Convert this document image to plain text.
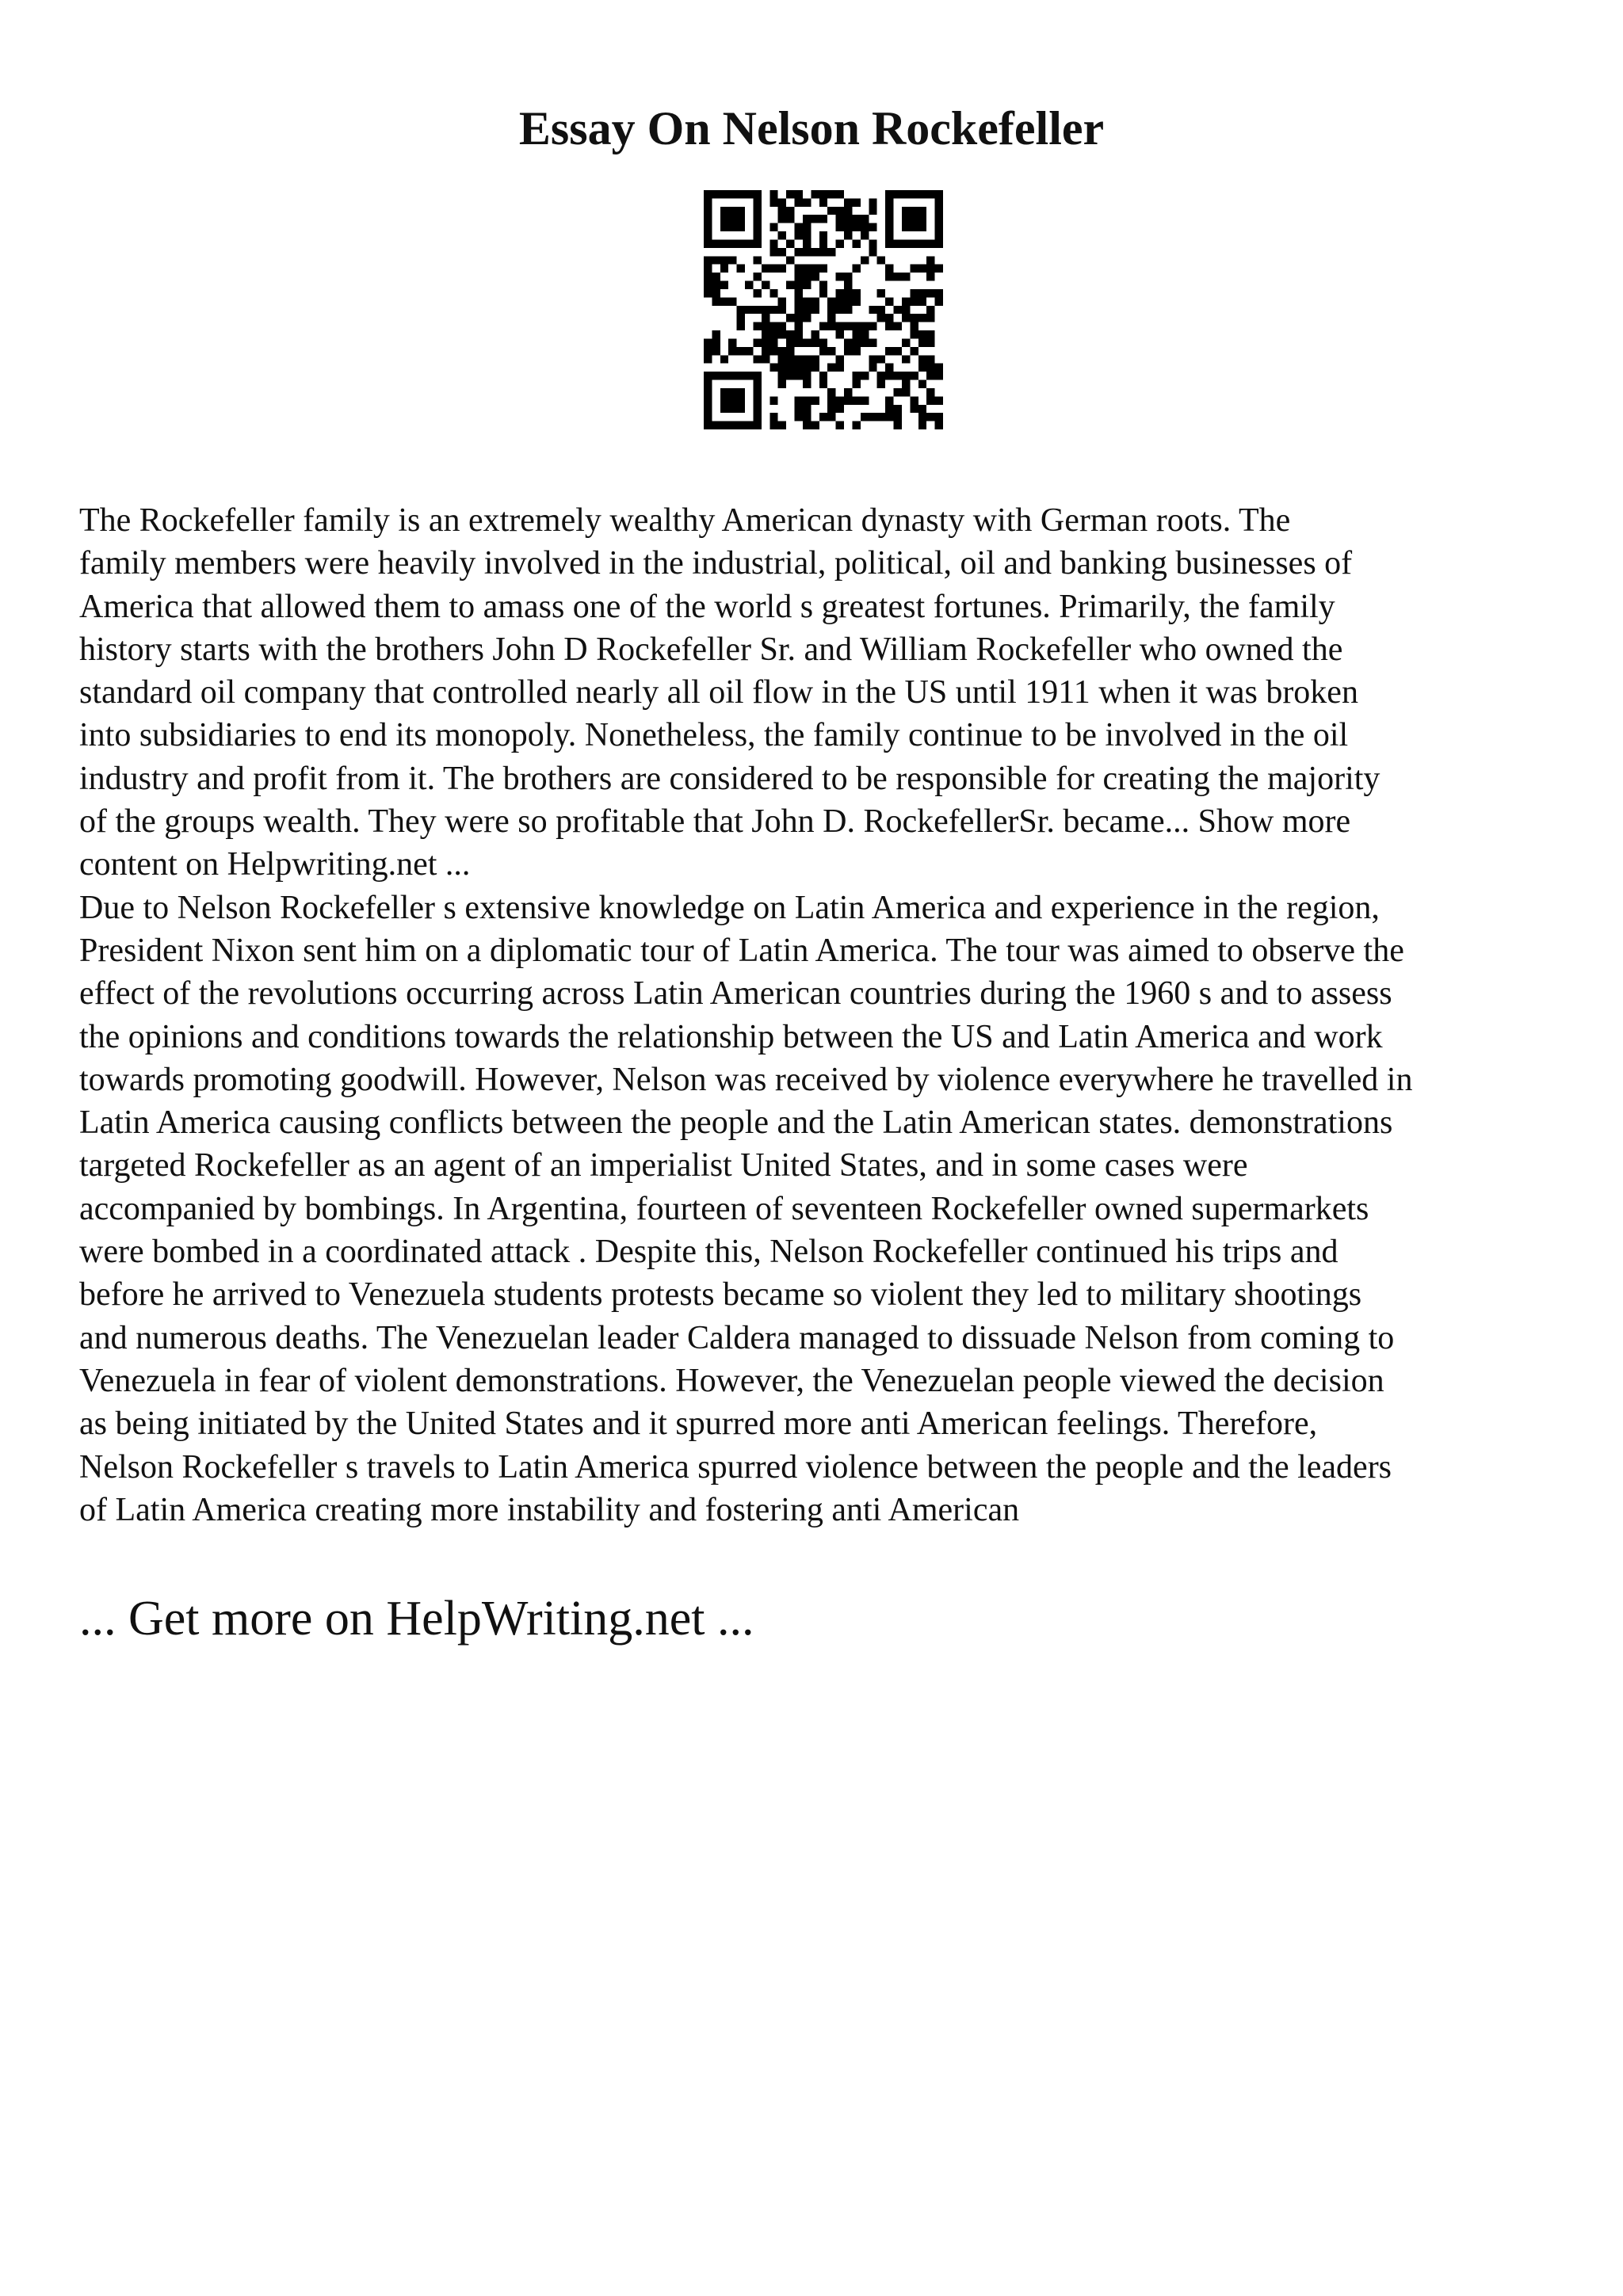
Essay On Nelson Rockefeller

The Rockefeller family is an extremely wealthy American dynasty with German roots. The
family members were heavily involved in the industrial, political, oil and banking businesses of
America that allowed them to amass one of the world s greatest fortunes. Primarily, the family
history starts with the brothers John D Rockefeller Sr. and William Rockefeller who owned the
standard oil company that controlled nearly all oil flow in the US until 1911 when it was broken
into subsidiaries to end its monopoly. Nonetheless, the family continue to be involved in the oil
industry and profit from it. The brothers are considered to be responsible for creating the majority
of the groups wealth. They were so profitable that John D. RockefellerSr. became... Show more
content on Helpwriting.net ...

Due to Nelson Rockefeller s extensive knowledge on Latin America and experience in the region,
President Nixon sent him on a diplomatic tour of Latin America. The tour was aimed to observe the
effect of the revolutions occurring across Latin American countries during the 1960 s and to assess
the opinions and conditions towards the relationship between the US and Latin America and work
towards promoting goodwill. However, Nelson was received by violence everywhere he travelled in
Latin America causing conflicts between the people and the Latin American states. demonstrations
targeted Rockefeller as an agent of an imperialist United States, and in some cases were
accompanied by bombings. In Argentina, fourteen of seventeen Rockefeller owned supermarkets
were bombed in a coordinated attack . Despite this, Nelson Rockefeller continued his trips and
before he arrived to Venezuela students protests became so violent they led to military shootings
and numerous deaths. The Venezuelan leader Caldera managed to dissuade Nelson from coming to
Venezuela in fear of violent demonstrations. However, the Venezuelan people viewed the decision
as being initiated by the United States and it spurred more anti American feelings. Therefore,
Nelson Rockefeller s travels to Latin America spurred violence between the people and the leaders
of Latin America creating more instability and fostering anti American

... Get more on HelpWriting.net ...
